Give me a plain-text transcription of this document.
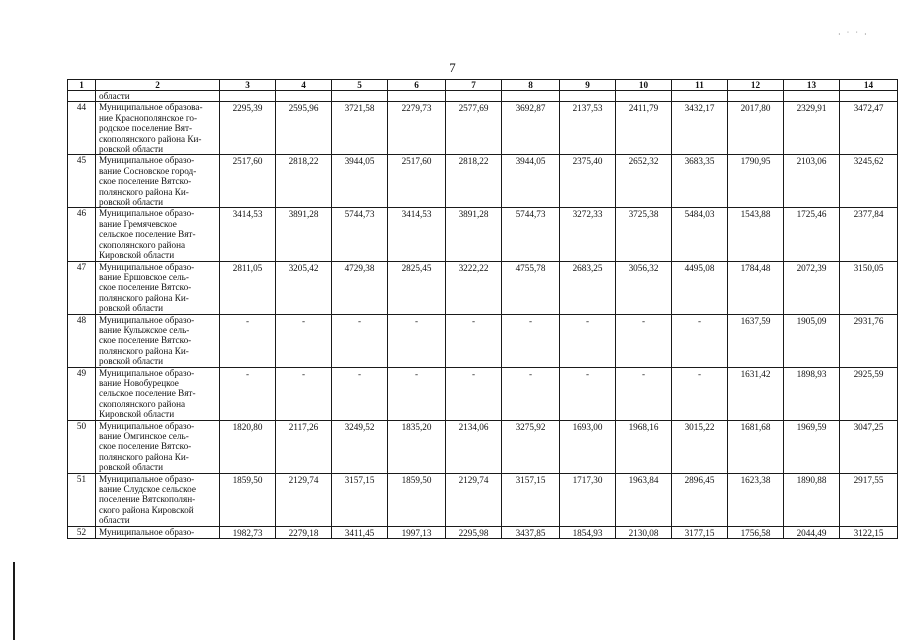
7
· ˙ ˙ ·
1	2	3	4	5	6	7	8	9	10	11	12	13	14
	области												
44	Муниципальное образова-
ние Краснополянское го-
родское поселение Вят-
скополянского района Ки-
ровской области	2295,39	2595,96	3721,58	2279,73	2577,69	3692,87	2137,53	2411,79	3432,17	2017,80	2329,91	3472,47
45	Муниципальное образо-
вание Сосновское город-
ское поселение Вятско-
полянского района Ки-
ровской области	2517,60	2818,22	3944,05	2517,60	2818,22	3944,05	2375,40	2652,32	3683,35	1790,95	2103,06	3245,62
46	Муниципальное образо-
вание Гремячевское
сельское поселение Вят-
скополянского района
Кировской области	3414,53	3891,28	5744,73	3414,53	3891,28	5744,73	3272,33	3725,38	5484,03	1543,88	1725,46	2377,84
47	Муниципальное образо-
вание Ершовское сель-
ское поселение Вятско-
полянского района Ки-
ровской области	2811,05	3205,42	4729,38	2825,45	3222,22	4755,78	2683,25	3056,32	4495,08	1784,48	2072,39	3150,05
48	Муниципальное образо-
вание Кулыжское сель-
ское поселение Вятско-
полянского района Ки-
ровской области	-	-	-	-	-	-	-	-	-	1637,59	1905,09	2931,76
49	Муниципальное образо-
вание Новобурецкое
сельское поселение Вят-
скополянского района
Кировской области	-	-	-	-	-	-	-	-	-	1631,42	1898,93	2925,59
50	Муниципальное образо-
вание Омгинское сель-
ское поселение Вятско-
полянского района Ки-
ровской области	1820,80	2117,26	3249,52	1835,20	2134,06	3275,92	1693,00	1968,16	3015,22	1681,68	1969,59	3047,25
51	Муниципальное образо-
вание Слудское сельское
поселение Вятскополян-
ского района Кировской
области	1859,50	2129,74	3157,15	1859,50	2129,74	3157,15	1717,30	1963,84	2896,45	1623,38	1890,88	2917,55
52	Муниципальное образо-	1982,73	2279,18	3411,45	1997,13	2295,98	3437,85	1854,93	2130,08	3177,15	1756,58	2044,49	3122,15
